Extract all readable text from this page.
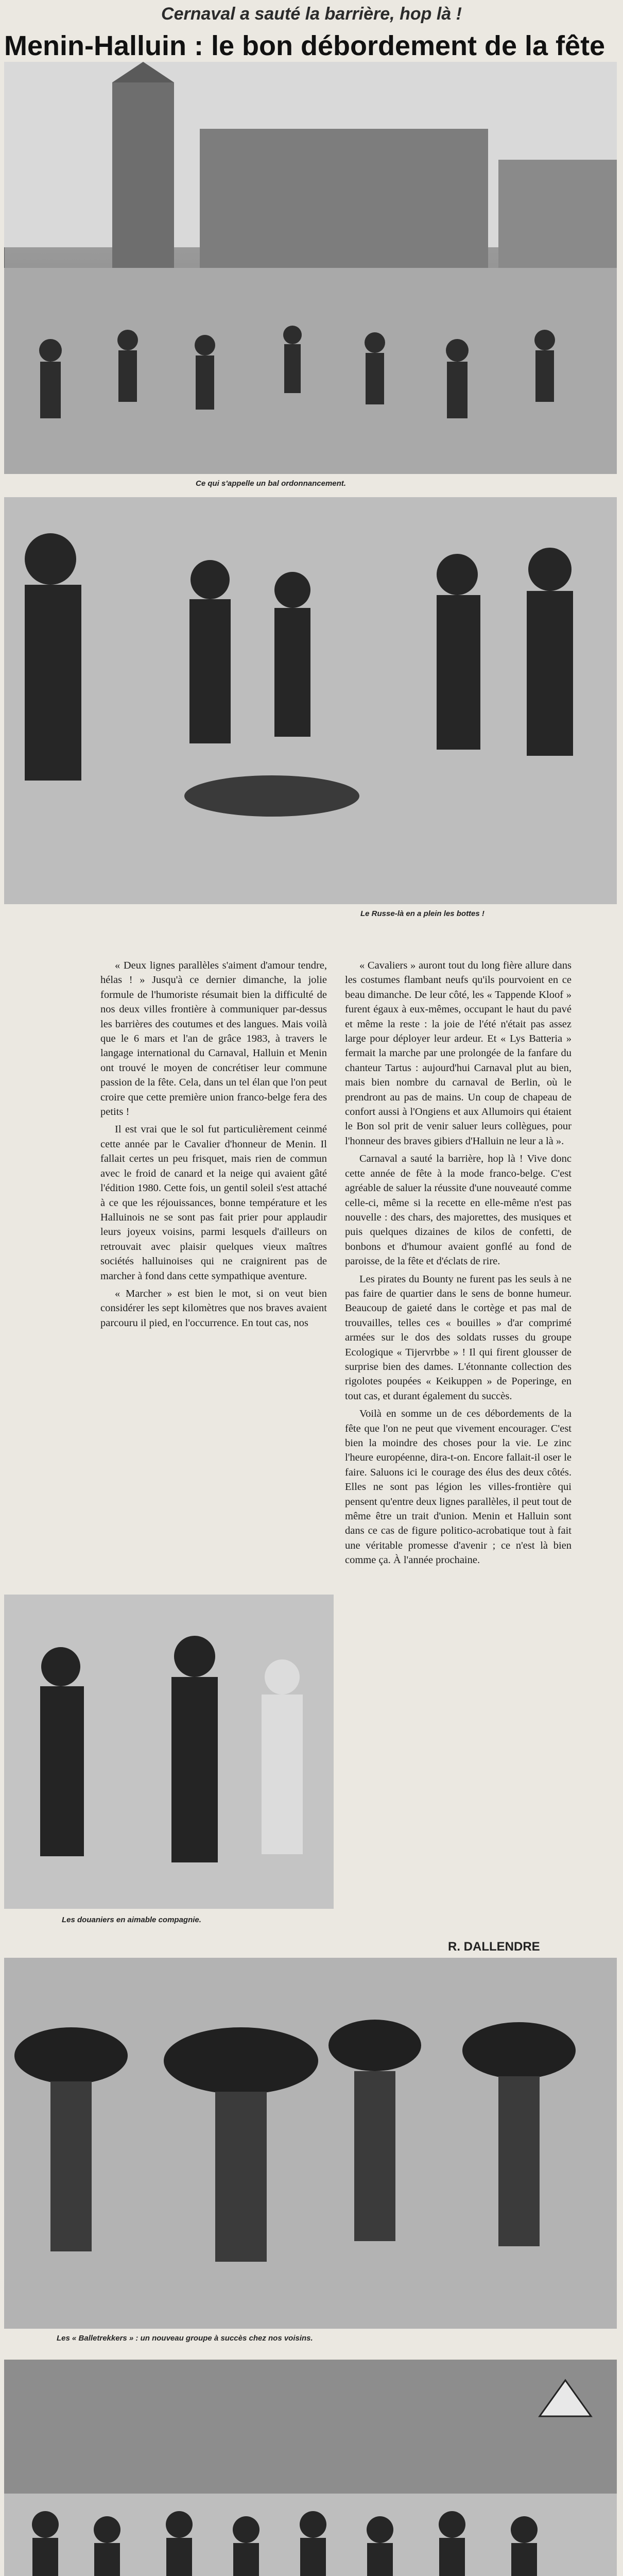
Cernaval a sauté la barrière, hop là !
Menin-Halluin : le bon débordement de la fête
Ce qui s'appelle un bal ordonnancement.
Le Russe-là en a plein les bottes !

« Deux lignes parallèles s'aiment d'amour tendre, hélas ! » Jusqu'à ce dernier dimanche, la jolie formule de l'humoriste résumait bien la difficulté de nos deux villes frontière à communiquer par-dessus les barrières des coutumes et des langues. Mais voilà que le 6 mars et l'an de grâce 1983, à travers le langage international du Carnaval, Halluin et Menin ont trouvé le moyen de concrétiser leur commune passion de la fête. Cela, dans un tel élan que l'on peut croire que cette première union franco-belge fera des petits !

Il est vrai que le sol fut particulièrement ceinmé cette année par le Cavalier d'honneur de Menin. Il fallait certes un peu frisquet, mais rien de commun avec le froid de canard et la neige qui avaient gâté l'édition 1980. Cette fois, un gentil soleil s'est attaché à ce que les réjouissances, bonne température et les Halluinois ne se sont pas fait prier pour applaudir leurs joyeux voisins, parmi lesquels d'ailleurs on retrouvait avec plaisir quelques vieux maîtres sociétés halluinoises qui ne craignirent pas de marcher à fond dans cette sympathique aventure.

« Marcher » est bien le mot, si on veut bien considérer les sept kilomètres que nos braves avaient parcouru il pied, en l'occurrence. En tout cas, nos

« Cavaliers » auront tout du long fière allure dans les costumes flambant neufs qu'ils pourvoient en ce beau dimanche. De leur côté, les « Tappende Kloof » furent égaux à eux-mêmes, occupant le haut du pavé et même la reste : la joie de l'été n'était pas assez large pour déployer leur ardeur. Et « Lys Batteria » fermait la marche par une prolongée de la fanfare du chanteur Tartus : aujourd'hui Carnaval plut au bien, mais bien nombre du carnaval de Berlin, où le prendront au pas de mains. Un coup de chapeau de confort aussi à l'Ongiens et aux Allumoirs qui étaient le Bon sol prit de venir saluer leurs collègues, pour l'honneur des braves gibiers d'Halluin ne leur a là ».

Carnaval a sauté la barrière, hop là ! Vive donc cette année de fête à la mode franco-belge. C'est agréable de saluer la réussite d'une nouveauté comme celle-ci, même si la recette en elle-même n'est pas nouvelle : des chars, des majorettes, des musiques et puis quelques dizaines de kilos de confetti, de bonbons et d'humour avaient gonflé au fond de paroisse, de la fête et d'éclats de rire.

Les pirates du Bounty ne furent pas les seuls à ne pas faire de quartier dans le sens de bonne humeur. Beaucoup de gaieté dans le cortège et pas mal de trouvailles, telles ces « bouilles » d'ar comprimé armées sur le dos des soldats russes du groupe Ecologique « Tijervrbbe » ! Il qui firent glousser de surprise bien des dames. L'étonnante collection des rigolotes poupées « Keikuppen » de Poperinge, en tout cas, et durant également du succès.

Voilà en somme un de ces débordements de la fête que l'on ne peut que vivement encourager. C'est bien la moindre des choses pour la vie. Le zinc l'heure européenne, dira-t-on. Encore fallait-il oser le faire. Saluons ici le courage des élus des deux côtés. Elles ne sont pas légion les villes-frontière qui pensent qu'entre deux lignes parallèles, il peut tout de même être un trait d'union. Menin et Halluin sont dans ce cas de figure politico-acrobatique tout à fait une véritable promesse d'avenir ; ce n'est là bien comme ça. À l'année prochaine.

R. DALLENDRE
Les douaniers en aimable compagnie.
Les « Balletrekkers » : un nouveau groupe à succès chez nos voisins.
